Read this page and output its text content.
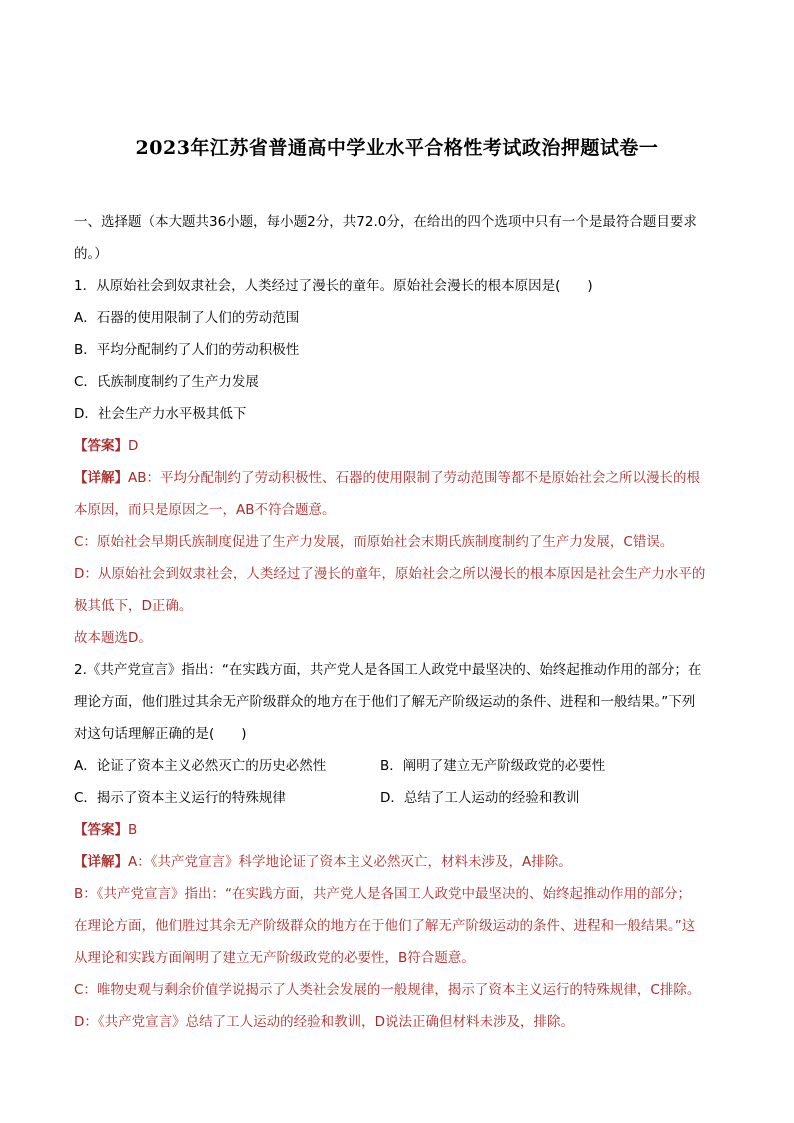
2023年江苏省普通高中学业水平合格性考试政治押题试卷一
一、选择题（本大题共36小题，每小题2分，共72.0分，在给出的四个选项中只有一个是最符合题目要求
的。）
1．从原始社会到奴隶社会，人类经过了漫长的童年。原始社会漫长的根本原因是(　　)
A．石器的使用限制了人们的劳动范围
B．平均分配制约了人们的劳动积极性
C．氏族制度制约了生产力发展
D．社会生产力水平极其低下
【答案】D
【详解】AB：平均分配制约了劳动积极性、石器的使用限制了劳动范围等都不是原始社会之所以漫长的根
本原因，而只是原因之一，AB不符合题意。
C：原始社会早期氏族制度促进了生产力发展，而原始社会末期氏族制度制约了生产力发展，C错误。
D：从原始社会到奴隶社会，人类经过了漫长的童年，原始社会之所以漫长的根本原因是社会生产力水平的
极其低下，D正确。
故本题选D。
2.《共产党宣言》指出：“在实践方面，共产党人是各国工人政党中最坚决的、始终起推动作用的部分；在
理论方面，他们胜过其余无产阶级群众的地方在于他们了解无产阶级运动的条件、进程和一般结果。”下列
对这句话理解正确的是(　　)
A．论证了资本主义必然灭亡的历史必然性	B．阐明了建立无产阶级政党的必要性
C．揭示了资本主义运行的特殊规律	D．总结了工人运动的经验和教训
【答案】B
【详解】A：《共产党宣言》科学地论证了资本主义必然灭亡，材料未涉及，A排除。
B：《共产党宣言》指出：“在实践方面，共产党人是各国工人政党中最坚决的、始终起推动作用的部分；
在理论方面，他们胜过其余无产阶级群众的地方在于他们了解无产阶级运动的条件、进程和一般结果。”这
从理论和实践方面阐明了建立无产阶级政党的必要性，B符合题意。
C：唯物史观与剩余价值学说揭示了人类社会发展的一般规律，揭示了资本主义运行的特殊规律，C排除。
D：《共产党宣言》总结了工人运动的经验和教训，D说法正确但材料未涉及，排除。
